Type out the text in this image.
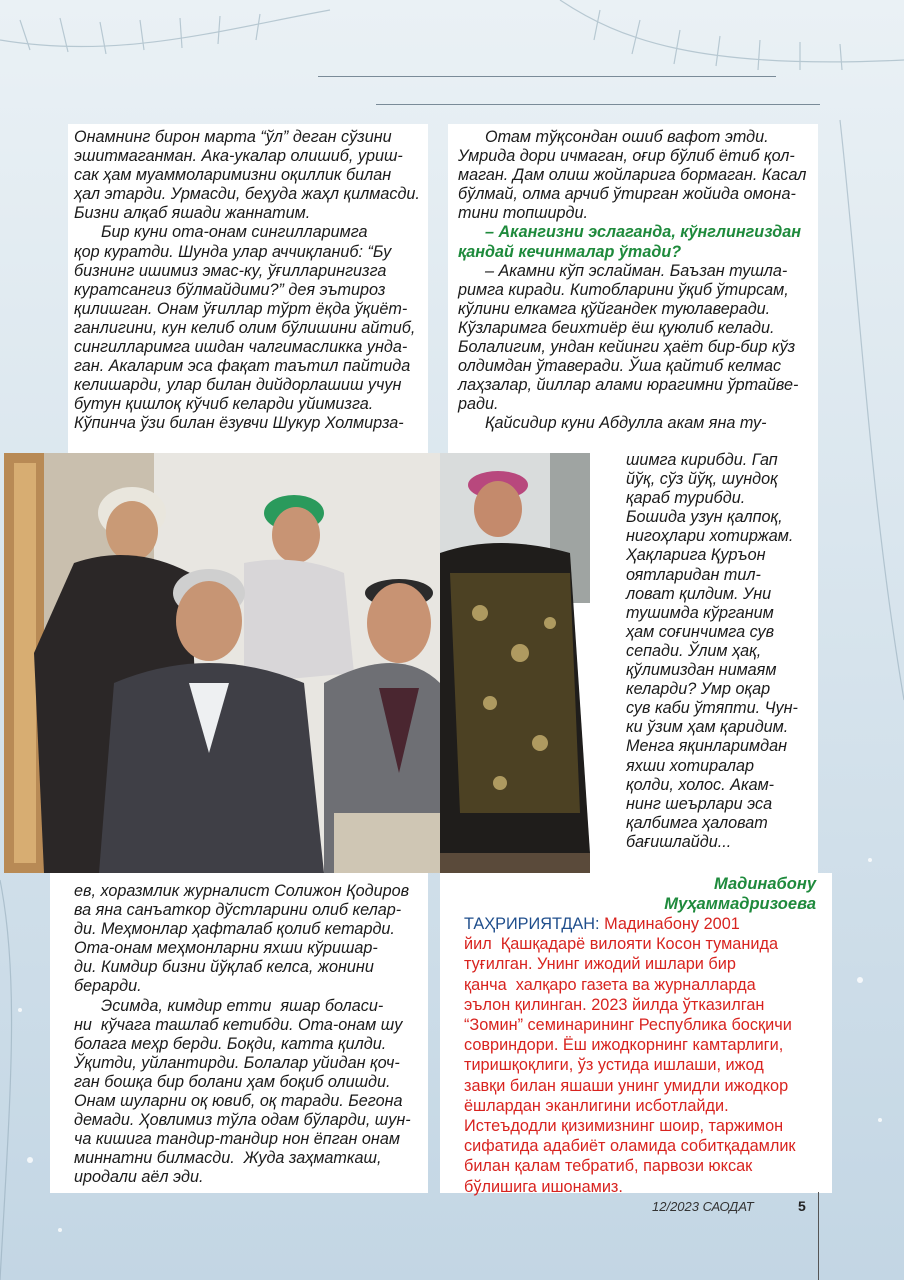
Онамнинг бирон марта “ўл” деган сўзини

эшитмаганман. Ака-укалар олишиб, уриш-

сак ҳам муаммоларимизни оқиллик билан

ҳал этарди. Урмасди, беҳуда жаҳл қилмасди.

Бизни алқаб яшади жаннатим.

Бир куни ота-онам сингилларимга

қор куратди. Шунда улар аччиқланиб: “Бу

бизнинг ишимиз эмас-ку, ўғилларингизга

куратсангиз бўлмайдими?” дея эътироз

қилишган. Онам ўғиллар тўрт ёқда ўқиёт-

ганлигини, кун келиб олим бўлишини айтиб,

сингилларимга ишдан чалгимасликка унда-

ган. Акаларим эса фақат таътил пайтида

келишарди, улар билан дийдорлашиш учун

бутун қишлоқ кўчиб келарди уйимизга.

Кўпинча ўзи билан ёзувчи Шукур Холмирза-

Отам тўқсондан ошиб вафот этди.

Умрида дори ичмаган, оғир бўлиб ётиб қол-

маган. Дам олиш жойларига бормаган. Касал

бўлмай, олма арчиб ўтирган жойида омона-

тини топширди.

– Акангизни эслаганда, кўнглингиздан

қандай кечинмалар ўтади?

– Акамни кўп эслайман. Баъзан тушла-

римга киради. Китобларини ўқиб ўтирсам,

кўлини елкамга қўйгандек туюлаверади.

Кўзларимга беихтиёр ёш қуюлиб келади.

Болалигим, ундан кейинги ҳаёт бир-бир кўз

олдимдан ўтаверади. Ўша қайтиб келмас

лаҳзалар, йиллар алами юрагимни ўртайве-

ради.

Қайсидир куни Абдулла акам яна ту-

шимга кирибди. Гап

йўқ, сўз йўқ, шундоқ

қараб турибди.

Бошида узун қалпоқ,

нигоҳлари хотиржам.

Ҳақларига Қуръон

оятларидан тил-

ловат қилдим. Уни

тушимда кўрганим

ҳам соғинчимга сув

сепади. Ўлим ҳақ,

қўлимиздан нимаям

келарди? Умр оқар

сув каби ўтяпти. Чун-

ки ўзим ҳам қаридим.

Менга яқинларимдан

яхши хотиралар

қолди, холос. Акам-

нинг шеърлари эса

қалбимга ҳаловат

бағишлайди...

Мадинабону
Муҳаммадризоева

ев, хоразмлик журналист Солижон Қодиров

ва яна санъаткор дўстларини олиб келар-

ди. Меҳмонлар ҳафталаб қолиб кетарди.

Ота-онам меҳмонларни яхши кўришар-

ди. Кимдир бизни йўқлаб келса, жонини

берарди.

Эсимда, кимдир етти  яшар боласи-

ни  кўчага ташлаб кетибди. Ота-онам шу

болага меҳр берди. Боқди, катта қилди.

Ўқитди, уйлантирди. Болалар уйидан қоч-

ган бошқа бир болани ҳам боқиб олишди.

Онам шуларни оқ ювиб, оқ таради. Бегона

демади. Ҳовлимиз тўла одам бўларди, шун-

ча кишига тандир-тандир нон ёпган онам

миннатни билмасди.  Жуда заҳматкаш,

иродали аёл эди.

ТАҲРИРИЯТДАН: Мадинабону 2001

йил  Қашқадарё вилояти Косон туманида

туғилган. Унинг ижодий ишлари бир

қанча  халқаро газета ва журналларда

эълон қилинган. 2023 йилда ўтказилган

“Зомин” семинарининг Республика босқичи

совриндори. Ёш ижодкорнинг камтарлиги,

тиришқоқлиги, ўз устида ишлаши, ижод

завқи билан яшаши унинг умидли ижодкор

ёшлардан эканлигини исботлайди.

Истеъдодли қизимизнинг шоир, таржимон

сифатида адабиёт оламида собитқадамлик

билан қалам тебратиб, парвози юксак

бўлишига ишонамиз.

12/2023 САОДАТ	5
